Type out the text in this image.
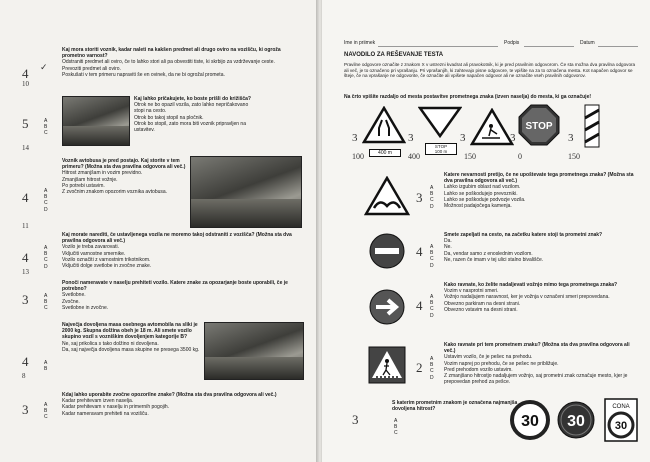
Kaj mora storiti voznik, kadar naleti na kakšen predmet ali drugo oviro na vozišču, ki ogroža prometno varnost?
Odstraniti predmet ali oviro, če to lahko stori ali pa obvestiti tiste, ki skrbijo za vzdrževanje ceste.
Prevoziti predmet ali oviro.
Poskušati v tem primeru napraviti še en ovinek, da ne bi ogrožal prometa.
4
10
✓
Kaj lahko pričakujete, ko boste prišli do križišča?
Otrok ne bo opazil vozila, zato lahko nepričakovano stopi na cesto.
Otrok bo takoj stopil na pločnik.
Otrok bo stopil, zato mora biti voznik pripravljen na ustavitev.
A
B
C
5
14
Voznik avtobusa je pred postajo. Kaj storite v tem primeru? (Možna sta dva pravilna odgovora ali več.)
Hitrost zmanjšam in vozim previdno.
Zmanjšam hitrost vožnje.
Po potrebi ustavim.
Z zvočnim znakom opozorim voznika avtobusa.
A
B
C
D
4
11
Kaj morate narediti, če ustavljenega vozila ne moremo takoj odstraniti z vozišča? (Možna sta dva pravilna odgovora ali več.)
Vozilo je treba zavarovati.
Vključiti varnostne smernike.
Vozilo označiti z varnostnim trikotnikom.
Vključiti dolge svetlobe in zvočne znake.
A
B
C
D
4
13
Ponoči nameravate v naselju prehiteti vozilo. Katere znake za opozarjanje boste uporabili, če je potrebno?
Svetlobne.
Zvočne.
Svetlobne in zvočne.
A
B
C
3
Največja dovoljena masa osebnega avtomobila na sliki je 2000 kg. Skupna dolžina obeh je 18 m. Ali smete vozilo skupino vozil s vozniškim dovoljenjem kategorije B?
Ne, saj prikolica s tako dolžino ni dovoljena.
Da, saj največja dovoljena masa skupine ne presega 3500 kg.
A
B
4
8
Kdaj lahko uporabite zvočne opozorilne znake? (Možna sta dva pravilna odgovora ali več.)
Kadar prehitevam izven naselja.
Kadar prehitevam v naselju in primernih pogojih.
Kadar nameravam prehiteti na vozišču.
A
B
C
3
Ime in priimek	Podpis	Datum
NAVODILO ZA REŠEVANJE TESTA
Pravilne odgovore označite z znakom X v ustrezni kvadrat ali pravokotnik, ki je pred pravilnim odgovorom. Če sta možna dva pravilna odgovora ali več, je to označeno pri vprašanju. Pri vprašanjih, ki zahtevajo pisne odgovore, te vpišite na za to označena mesta. Kot napačen odgovor se šteje, če na vprašanje ne odgovorite, če označite ali vpišete napačen odgovor ali ne označite vseh pravilnih odgovorov.
Na črto vpišite razdaljo od mesta postavitve prometnega znaka (izven naselja) do mesta, ki ga označuje!
400 m
3
STOP
100 m
3	3
STOP
3	3
100	400	150	0	150
Katere nevarnosti pretijo, če ne upoštevate tega prometnega znaka? (Možna sta dva pravilna odgovora ali več.)
Lahko izgubim oblast nad vozilom.
Lahko se poškodujejo prevozniki.
Lahko se poškoduje podvozje vozila.
Možnost padajočega kamenja.
A
B
C
D
3
Smete zapeljati na cesto, na začetku katere stoji ta prometni znak?
Da.
Ne.
Da, vendar samo z enoslednim vozilom.
Ne, razen če imam v tej ulici stalno bivališče.
A
B
C
D
4
Kako ravnate, ko želite nadaljevati vožnjo mimo tega prometnega znaka?
Vozim v nasprotni smeri.
Vožnjo nadaljujem naravnost, ker je vožnja v označeni smeri prepovedana.
Obvezno parkiram na desni strani.
Obvezno vstavim na desni strani.
A
B
C
D
4
Kako ravnate pri tem prometnem znaku? (Možna sta dva pravilna odgovora ali več.)
Ustavim vozilo, če je pešec na prehodu.
Vozim naprej po prehodu, če se pešec ne približuje.
Pred prehodom vozilo ustavim.
Z zmanjšano hitrostjo nadaljujem vožnjo, saj prometni znak označuje mesto, kjer je prepovedan prehod za pešce.
A
B
C
D
2
S katerim prometnim znakom je označena najmanjša dovoljena hitrost?
A
B
C
3	30 30
CONA
30
